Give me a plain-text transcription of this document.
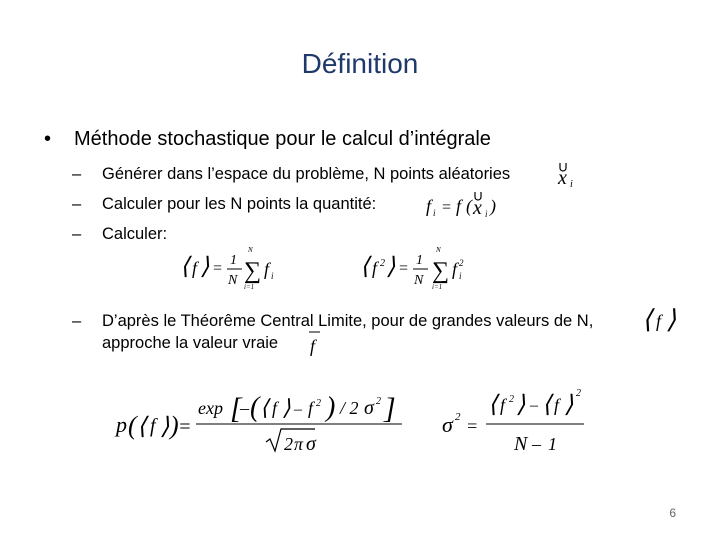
Définition
• Méthode stochastique pour le calcul d’intégrale
– Générer dans l’espace du problème, N points aléatories x i
– Calculer pour les N points la quantité:	f i = f ( x i )
– Calculer:
⟨ f ⟩ = 1
N
N
∑
i=1
f i	⟨ f 2 ⟩ = 1
N
N
∑
i=1
f 2
i
– D’après le Théorême Central Limite, pour de grandes valeurs de N, ⟨ f ⟩
approche la valeur vraie f
p ( ⟨ f ⟩ ) =
exp [
– ( ⟨ f ⟩ – f 2 ) / 2 σ 2 ]
2 π σ
σ 2 =
⟨ f 2 ⟩ – ⟨ f ⟩ 2
N – 1
6
